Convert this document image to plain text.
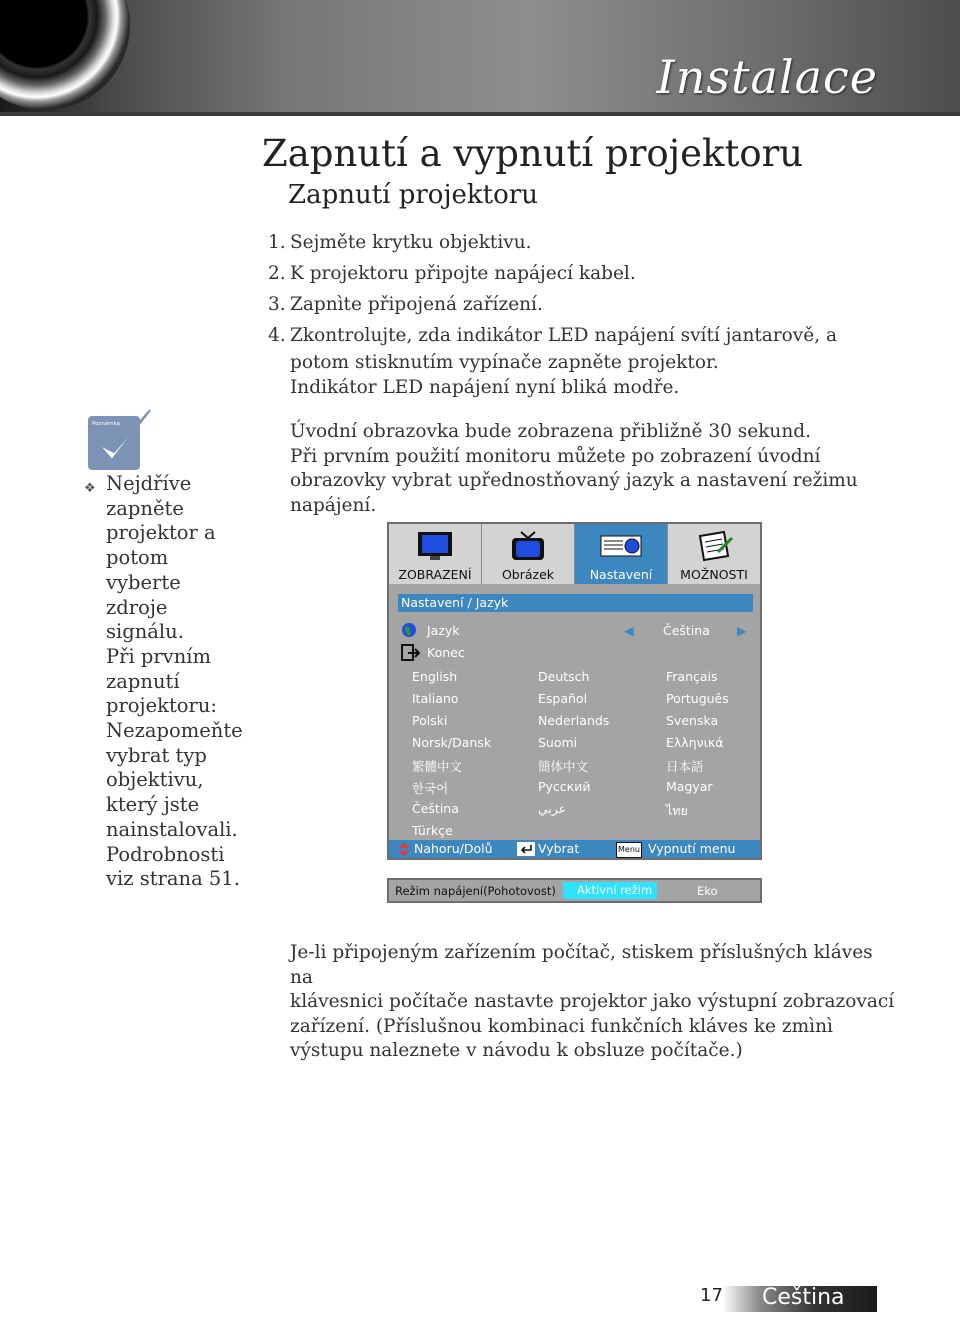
Instalace
Zapnutí a vypnutí projektoru
Zapnutí projektoru
1. Sejměte krytku objektivu.
2. K projektoru připojte napájecí kabel.
3. Zapnìte připojená zařízení.
4. Zkontrolujte, zda indikátor LED napájení svítí jantarově, a
potom stisknutím vypínače zapněte projektor.
Indikátor LED napájení nyní bliká modře.
Úvodní obrazovka bude zobrazena přibližně 30 sekund.
Při prvním použití monitoru můžete po zobrazení úvodní
obrazovky vybrat upřednostňovaný jazyk a nastavení režimu
napájení.
Poznámka
❖ Nejdříve
zapněte
projektor a
potom vyberte
zdroje signálu.
Při prvním
zapnutí
projektoru:
Nezapomeňte
vybrat typ
objektivu,
který jste
nainstalovali.
Podrobnosti
viz strana 51.
ZOBRAZENÍ	Obrázek	Nastavení	MOŽNOSTI
Nastavení / Jazyk
Jazyk	◀ Čeština ▶
Konec
English	Deutsch	Français
Italiano	Español	Português
Polski	Nederlands	Svenska
Norsk/Dansk	Suomi	Ελληνικά
繁體中文	簡体中文	日本語
한국어	Русский	Magyar
Čeština	عربي	ไทย
Türkçe
Nahoru/Dolů	Vybrat	Menu Vypnutí menu
Režim napájení(Pohotovost)	Aktivní režim	Eko
Je-li připojeným zařízením počítač, stiskem příslušných kláves na
klávesnici počítače nastavte projektor jako výstupní zobrazovací
zařízení. (Příslušnou kombinaci funkčních kláves ke zmìnì
výstupu naleznete v návodu k obsluze počítače.)
17 Čeština
